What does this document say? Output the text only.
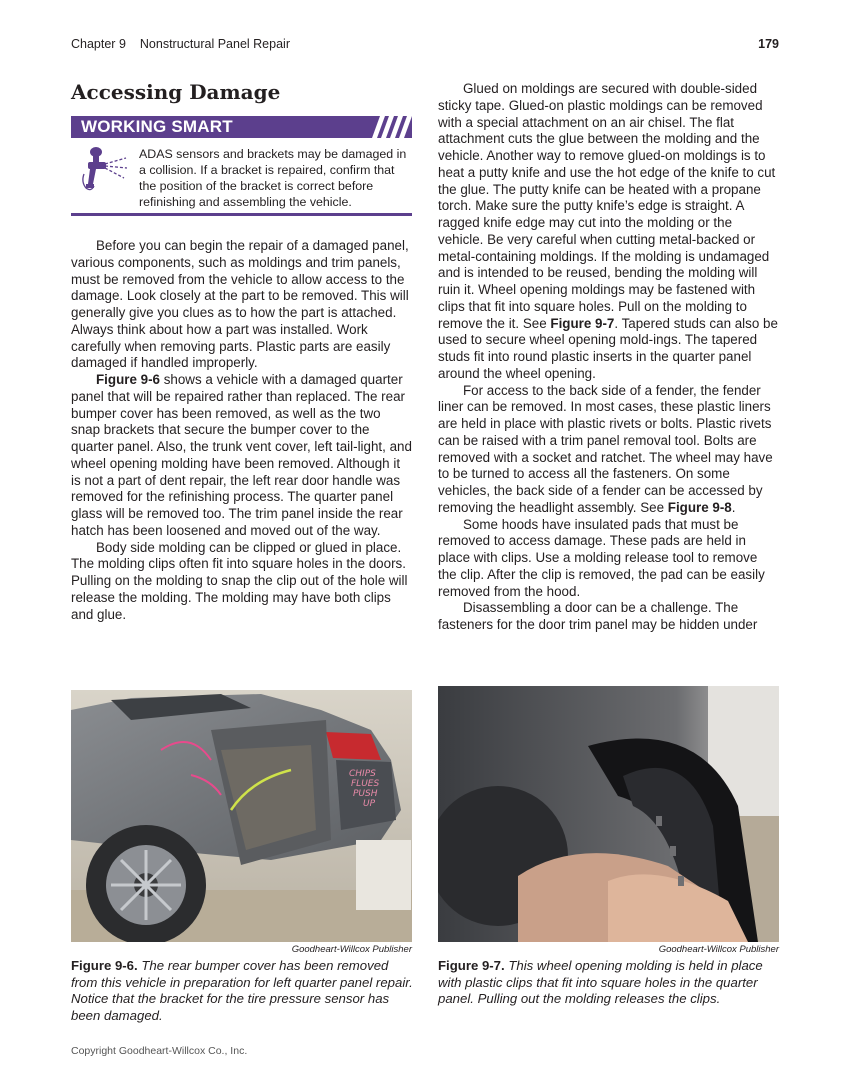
Chapter 9 Nonstructural Panel Repair	179
Accessing Damage
WORKING SMART
ADAS sensors and brackets may be damaged in a collision. If a bracket is repaired, confirm that the position of the bracket is correct before refinishing and assembling the vehicle.

Before you can begin the repair of a damaged panel, various components, such as moldings and trim panels, must be removed from the vehicle to allow access to the damage. Look closely at the part to be removed. This will generally give you clues as to how the part is attached. Always think about how a part was installed. Work carefully when removing parts. Plastic parts are easily damaged if handled improperly.

Figure 9-6 shows a vehicle with a damaged quarter panel that will be repaired rather than replaced. The rear bumper cover has been removed, as well as the two snap brackets that secure the bumper cover to the quarter panel. Also, the trunk vent cover, left tail-light, and wheel opening molding have been removed. Although it is not a part of dent repair, the left rear door handle was removed for the refinishing process. The quarter panel glass will be removed too. The trim panel inside the rear hatch has been loosened and moved out of the way.

Body side molding can be clipped or glued in place. The molding clips often fit into square holes in the doors. Pulling on the molding to snap the clip out of the hole will release the molding. The molding may have both clips and glue.

Glued on moldings are secured with double-sided sticky tape. Glued-on plastic moldings can be removed with a special attachment on an air chisel. The flat attachment cuts the glue between the molding and the vehicle. Another way to remove glued-on moldings is to heat a putty knife and use the hot edge of the knife to cut the glue. The putty knife can be heated with a propane torch. Make sure the putty knife’s edge is straight. A ragged knife edge may cut into the molding or the vehicle. Be very careful when cutting metal-backed or metal-containing moldings. If the molding is undamaged and is intended to be reused, bending the molding will ruin it. Wheel opening moldings may be fastened with clips that fit into square holes. Pull on the molding to remove the it. See Figure 9-7. Tapered studs can also be used to secure wheel opening mold-ings. The tapered studs fit into round plastic inserts in the quarter panel around the wheel opening.

For access to the back side of a fender, the fender liner can be removed. In most cases, these plastic liners are held in place with plastic rivets or bolts. Plastic rivets can be raised with a trim panel removal tool. Bolts are removed with a socket and ratchet. The wheel may have to be turned to access all the fasteners. On some vehicles, the back side of a fender can be accessed by removing the headlight assembly. See Figure 9-8.

Some hoods have insulated pads that must be removed to access damage. These pads are held in place with clips. Use a molding release tool to remove the clip. After the clip is removed, the pad can be easily removed from the hood.

Disassembling a door can be a challenge. The fasteners for the door trim panel may be hidden under

CHIPS FLUES PUSH UP
Goodheart-Willcox Publisher
Figure 9-6. The rear bumper cover has been removed from this vehicle in preparation for left quarter panel repair. Notice that the bracket for the tire pressure sensor has been damaged.
Goodheart-Willcox Publisher
Figure 9-7. This wheel opening molding is held in place with plastic clips that fit into square holes in the quarter panel. Pulling out the molding releases the clips.
Copyright Goodheart-Willcox Co., Inc.
